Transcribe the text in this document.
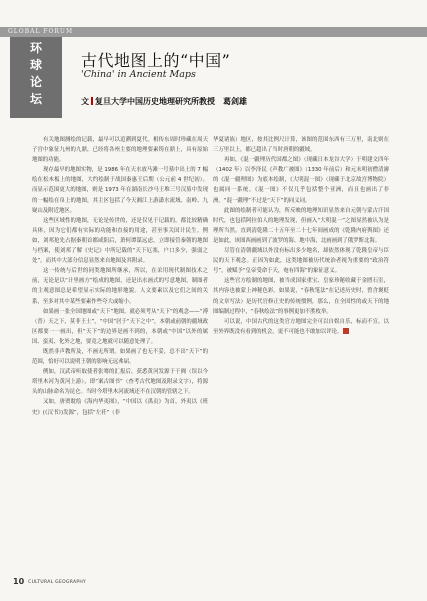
GLOBAL FORUM
环
球
论
坛
古代地图上的“中国”
'China' in Ancient Maps
文 复旦大学中国历史地理研究所教授　葛剑雄

有关地图测绘的记载，最早可以追溯到夏代。相传东周时珍藏在周天子宫中象征九州的九鼎，已经将各州主要的地理要素铸在鼎上，具有原始地图的功能。

现存最早的地图实物，是 1986 年在天水放马滩一号墓中出土的 7 幅绘在松木板上的地图，大约绘制于战国秦惠王后期（公元前 4 世纪初）。而显示范围更大的地图，则是 1973 年在湖南长沙马王堆三号汉墓中发现的一幅绘在帛上的地图，其主区包括了今天湘江上游潇水流域、南岭、九嶷山及附近地区。

这些区域性的地图，无论是传世的，还是仅见于记载的，都比较精确具体，因为它们都有实际的功能和直接的用途，甚至事关国计民生。例如，刘邦抢先占据秦朝首都咸阳后，萧何谭谋远虑，立即接管秦朝的地图与档案，使刘邦了解《史记》中所记载的“天下厄塞，户口多少，强弱之处”，而其中大部分信息显然来自地图及其附录。

这一传统与后世的同类地图所继承，所以，在采用现代制图技术之前，无论是以“计里画方”绘成的地图，还是出水画式的写意地图，制图者的主观意图总是希望显示实际的地形地貌。人文要素以及它们之间的关系，至多对其中某些要素作些夸大或缩小。

如果画一张全国地图或“天下”地图，就必须考从“天下”的观念——“溥（普）天之下，莫非王土”，“中国”居于“天下之中”，本朝或前朝的疆域政区都要一一画出，但“天下”的边界是画不到的，本朝或“中国”以外的属国、蛮夷、化外之地，要竟之地就可以随意处理了。

既然非声教所及，不画无所谓。如果画了也无不妥，总不出“天下”的范围，恰好可以说明王朝的影响无远弗届。

例如，汉武帝听取使者张骞的汇报后，获悉黄河发源于于阗（误以今塔里木河为黄河上游），即“案古图书”（查考古代地图及附录文字），将源头的山脉命名为昆仑。当时今塔里木河流域还不在汉朝的管辖之下。

又如，唐贾耽绘《海内华夷图》，“中国以《禹贡》为首，外夷以《班史》(《汉书》)发源”，包括“左衽”（非

华夏诸族）地区，按其比例尺计算，该图的范围东西有三万里，南北则在三万里以上，都已超出了当时唐朝的疆域。

再如，《混一疆理历代国都之图》（现藏日本龙谷大学）于明建文四年（1402 年）以李泽民《声教广被图》（1330 年前后）和元末明初僧清濬的《混一疆理图》为底本绘制，《大明混一图》（现藏于北京故宫博物院）也属同一系统。《混一图》不仅几乎包括整个亚洲，而且也画出了非洲。“混一疆理”不过是“天下”的同义词。

此图的绘制者可能认为，所反映的地理知识显然来自元朝与蒙古汗国时代，也包括阿拉伯人的地理发现，但画入“大明混一”之图显然被认为是理所当然。直到清乾隆二十五年至二十七年间画成的《乾隆内府舆图》还是如此，该图西画画到了波罗的海、地中海，北画画到了俄罗斯北海。

尽管在清朝疆域以外没有标出多少地名，却依然体现了乾隆皇帝与臣民的天下观念。正因为如此，这类地图被历代统治者视为重要的“政治符号”，被赋予“皇帝受命于天，奄有四海”的象征意义。

这些官方绘制的地图，被当成国家重宝、皇家珍秘收藏于金匮石室，其内容也被蒙上神秘色彩。如果说，“春秋笔法”在记述历史时，曾含褒贬的文章写法）是历代官修正史的传统惯例，那么，在全国性的或天下的地图编制过程中，“春秋绘法”的事例更加不胜枚举。

可以说，中国古代的这类官方地图完全可以自娱自乐，标而不宣，以至外界既没有看到的机会，更不可能也不敢加以评论。

10 CULTURAL GEOGRAPHY
